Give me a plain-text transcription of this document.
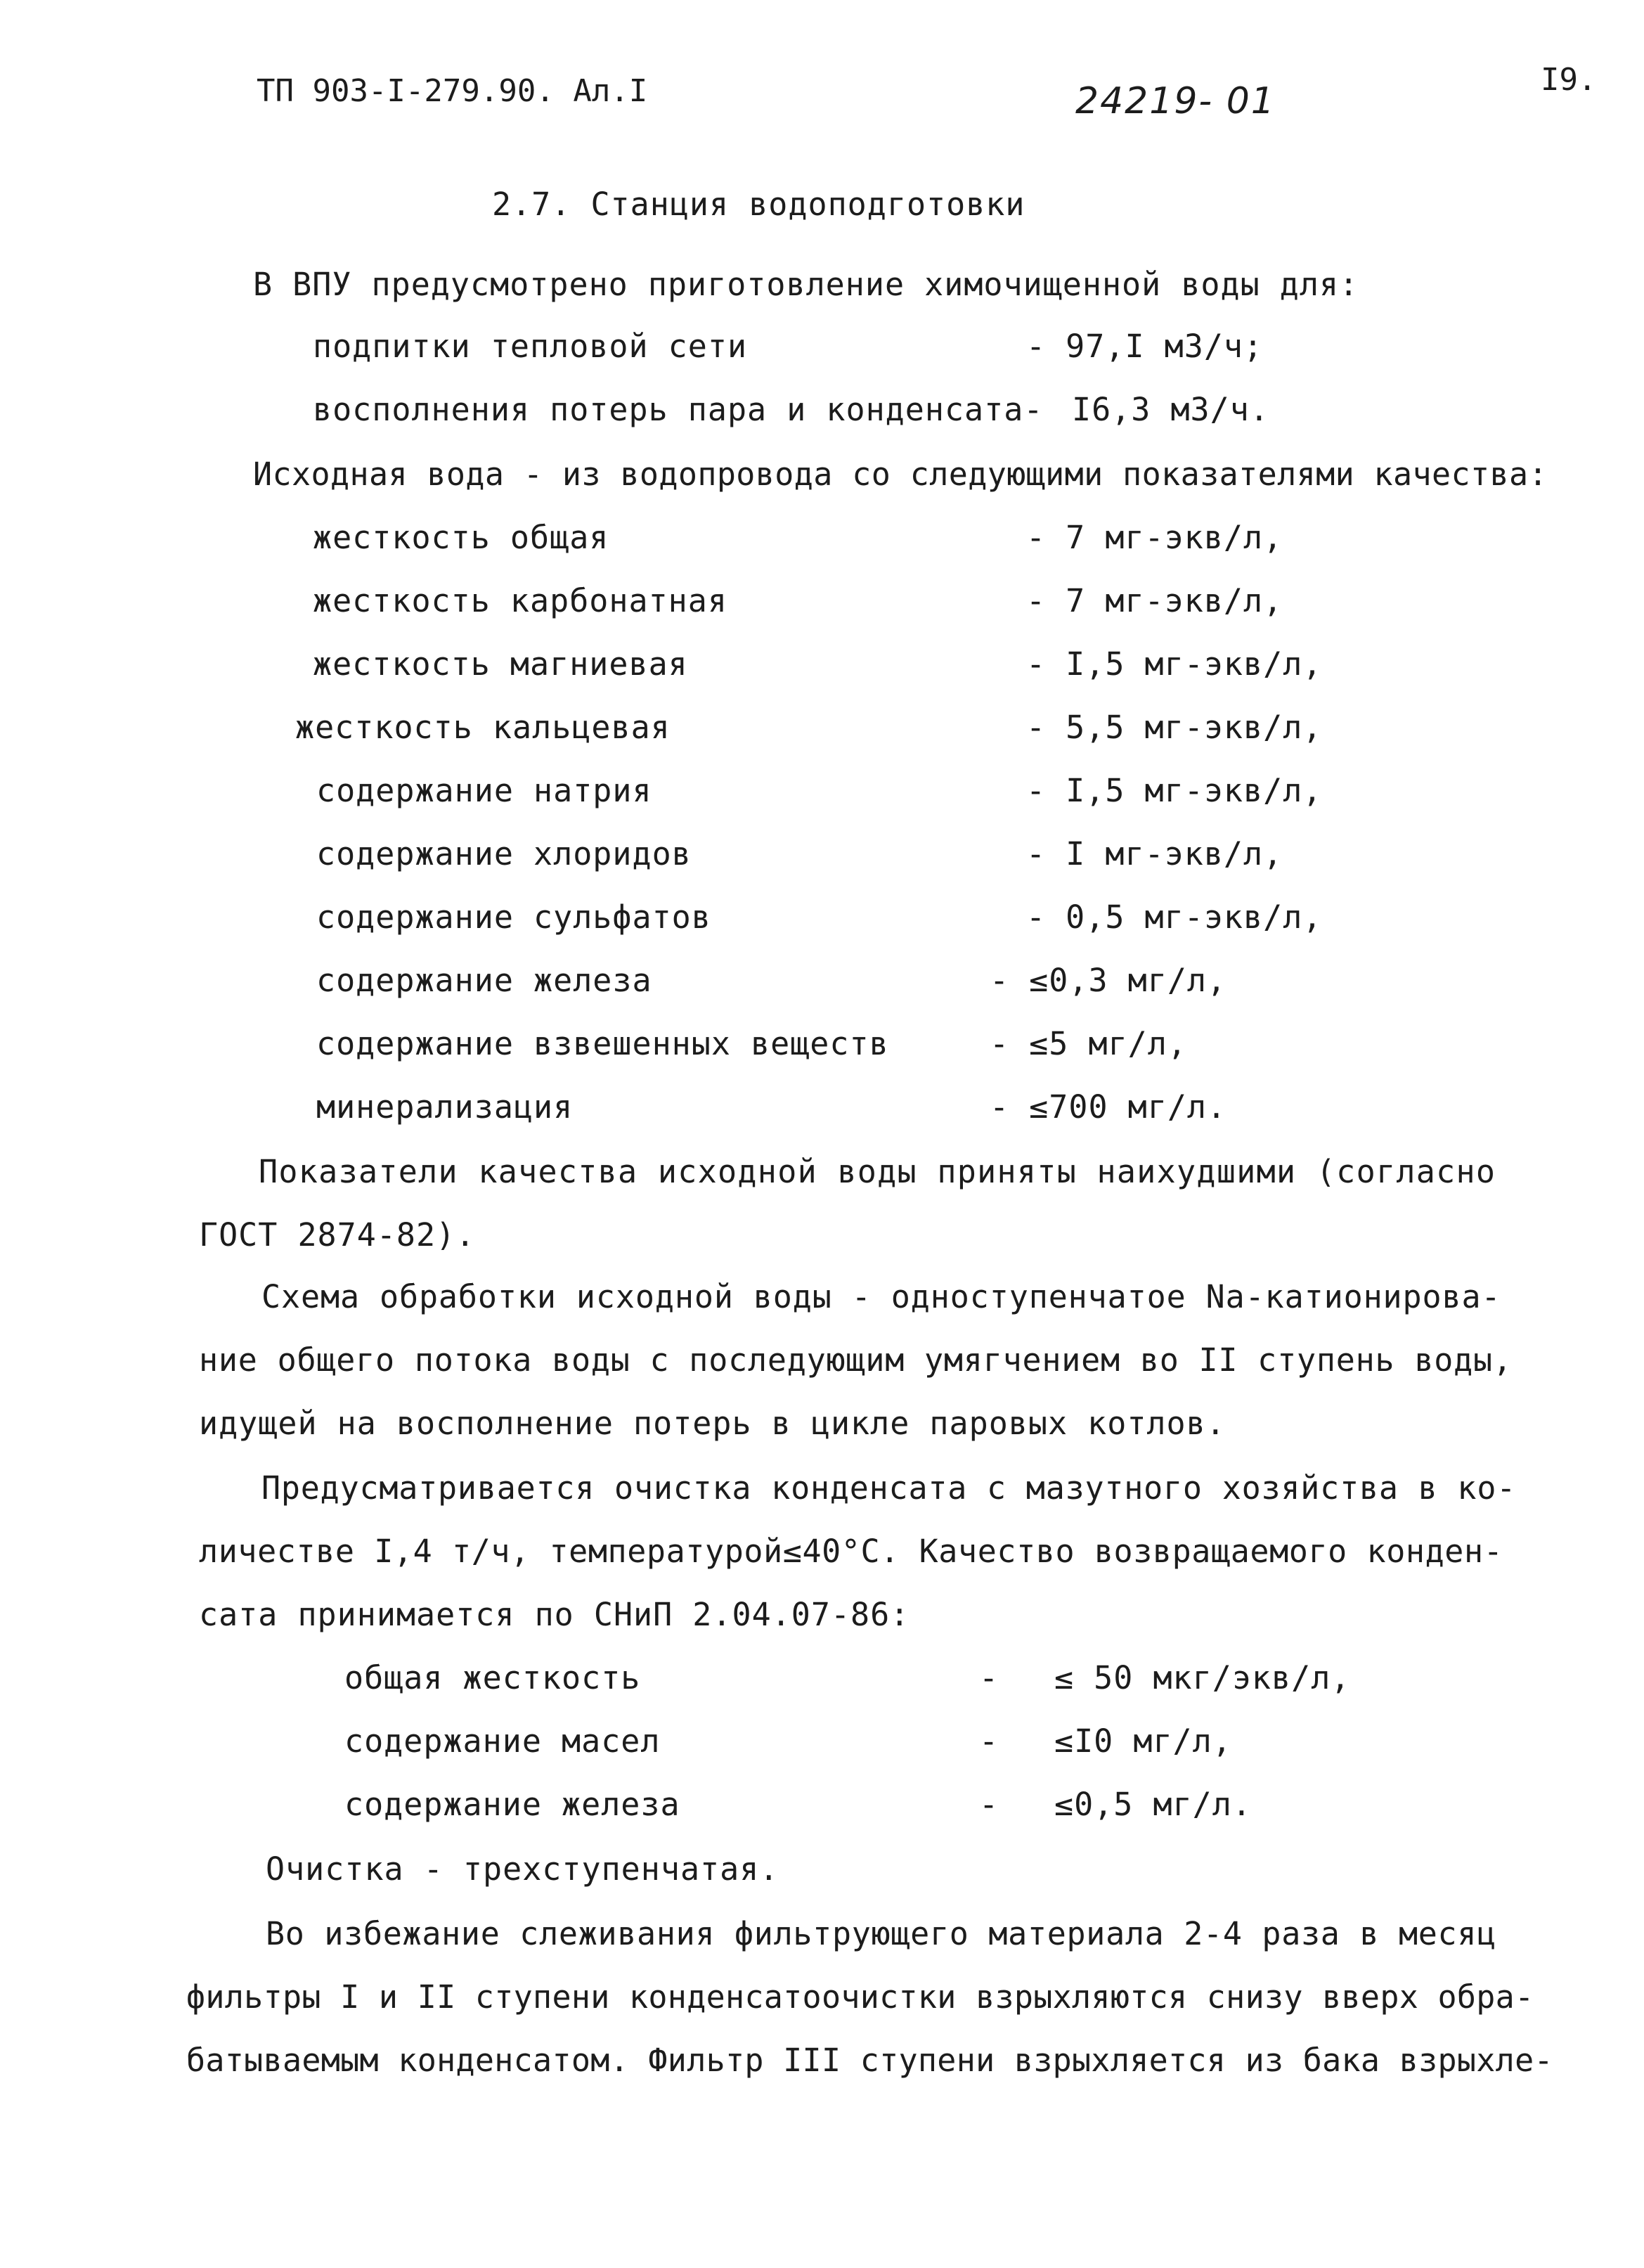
ТП 903-I-279.90. Ал.I	24219- 01
I9.
2.7. Станция водоподготовки
В ВПУ предусмотрено приготовление химочищенной воды для:
подпитки тепловой сети	- 97,I м3/ч;
восполнения потерь пара и конденсата- I6,3 м3/ч.
Исходная вода - из водопровода со следующими показателями качества:
жесткость общая	- 7 мг-экв/л,
жесткость карбонатная	- 7 мг-экв/л,
жесткость магниевая	- I,5 мг-экв/л,
жесткость кальцевая	- 5,5 мг-экв/л,
содержание натрия	- I,5 мг-экв/л,
содержание хлоридов	- I мг-экв/л,
содержание сульфатов	- 0,5 мг-экв/л,
содержание железа	- ≤0,3 мг/л,
содержание взвешенных веществ	- ≤5 мг/л,
минерализация	- ≤700 мг/л.
Показатели качества исходной воды приняты наихудшими (согласно
ГОСТ 2874-82).
Схема обработки исходной воды - одноступенчатое Na-катионирова-
ние общего потока воды с последующим умягчением во II ступень воды,
идущей на восполнение потерь в цикле паровых котлов.
Предусматривается очистка конденсата с мазутного хозяйства в ко-
личестве I,4 т/ч, температурой≤40°С. Качество возвращаемого конден-
сата принимается по СНиП 2.04.07-86:
общая жесткость	- ≤ 50 мкг/экв/л,
содержание масел	- ≤I0 мг/л,
содержание железа	- ≤0,5 мг/л.
Очистка - трехступенчатая.
Во избежание слеживания фильтрующего материала 2-4 раза в месяц
фильтры I и II ступени конденсатоочистки взрыхляются снизу вверх обра-
батываемым конденсатом. Фильтр III ступени взрыхляется из бака взрыхле-
